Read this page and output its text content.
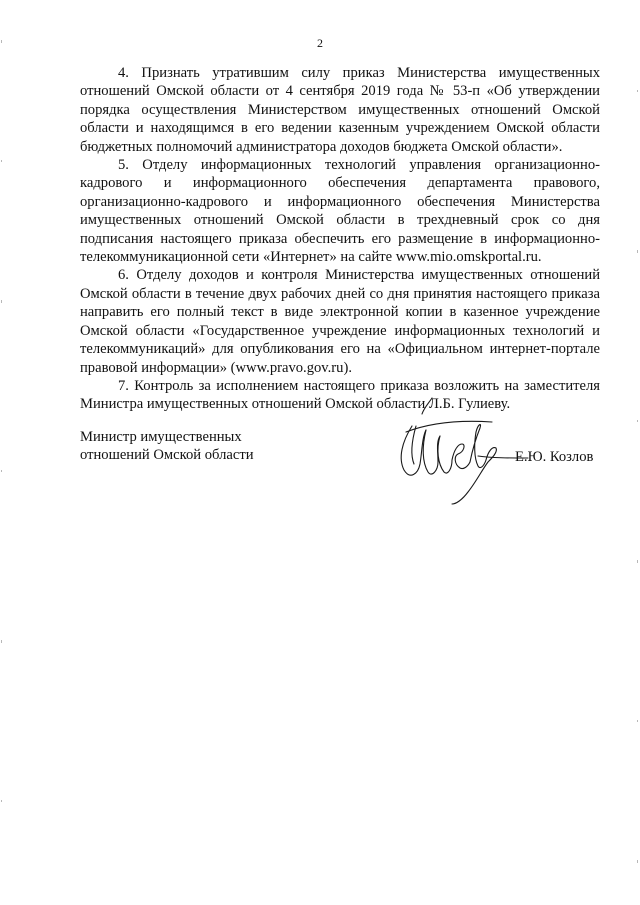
2

4. Признать утратившим силу приказ Министерства имущественных отношений Омской области от 4 сентября 2019 года № 53-п «Об утверждении порядка осуществления Министерством имущественных отношений Омской области и находящимся в его ведении казенным учреждением Омской области бюджетных полномочий администратора доходов бюджета Омской области».

5. Отделу информационных технологий управления организационно-кадрового и информационного обеспечения департамента правового, организационно-кадрового и информационного обеспечения Министерства имущественных отношений Омской области в трехдневный срок со дня подписания настоящего приказа обеспечить его размещение в информационно-телекоммуникационной сети «Интернет» на сайте www.mio.omskportal.ru.

6. Отделу доходов и контроля Министерства имущественных отношений Омской области в течение двух рабочих дней со дня принятия настоящего приказа направить его полный текст в виде электронной копии в казенное учреждение Омской области «Государственное учреждение информационных технологий и телекоммуникаций» для опубликования его на «Официальном интернет-портале правовой информации» (www.pravo.gov.ru).

7. Контроль за исполнением настоящего приказа возложить на заместителя Министра имущественных отношений Омской области Л.Б. Гулиеву.

Министр имущественных
отношений Омской области	Е.Ю. Козлов
